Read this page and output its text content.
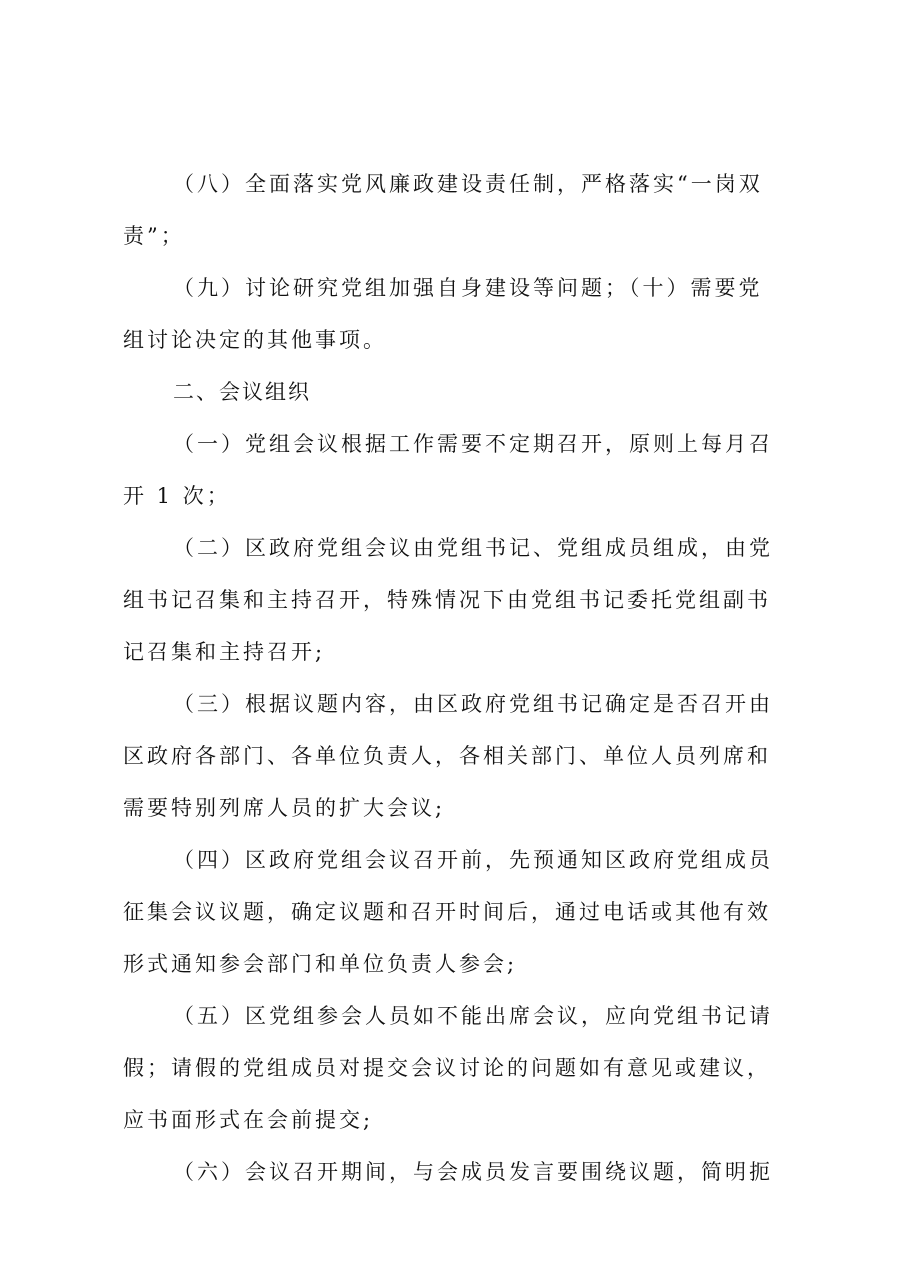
（八）全面落实党风廉政建设责任制，严格落实“一岗双
责”；

（九）讨论研究党组加强自身建设等问题；（十）需要党
组讨论决定的其他事项。

二、会议组织

（一）党组会议根据工作需要不定期召开，原则上每月召
开 1 次；

（二）区政府党组会议由党组书记、党组成员组成，由党
组书记召集和主持召开，特殊情况下由党组书记委托党组副书
记召集和主持召开;

（三）根据议题内容，由区政府党组书记确定是否召开由
区政府各部门、各单位负责人，各相关部门、单位人员列席和
需要特别列席人员的扩大会议;

（四）区政府党组会议召开前，先预通知区政府党组成员
征集会议议题，确定议题和召开时间后，通过电话或其他有效
形式通知参会部门和单位负责人参会;

（五）区党组参会人员如不能出席会议，应向党组书记请
假；请假的党组成员对提交会议讨论的问题如有意见或建议，
应书面形式在会前提交;

（六）会议召开期间，与会成员发言要围绕议题，简明扼
